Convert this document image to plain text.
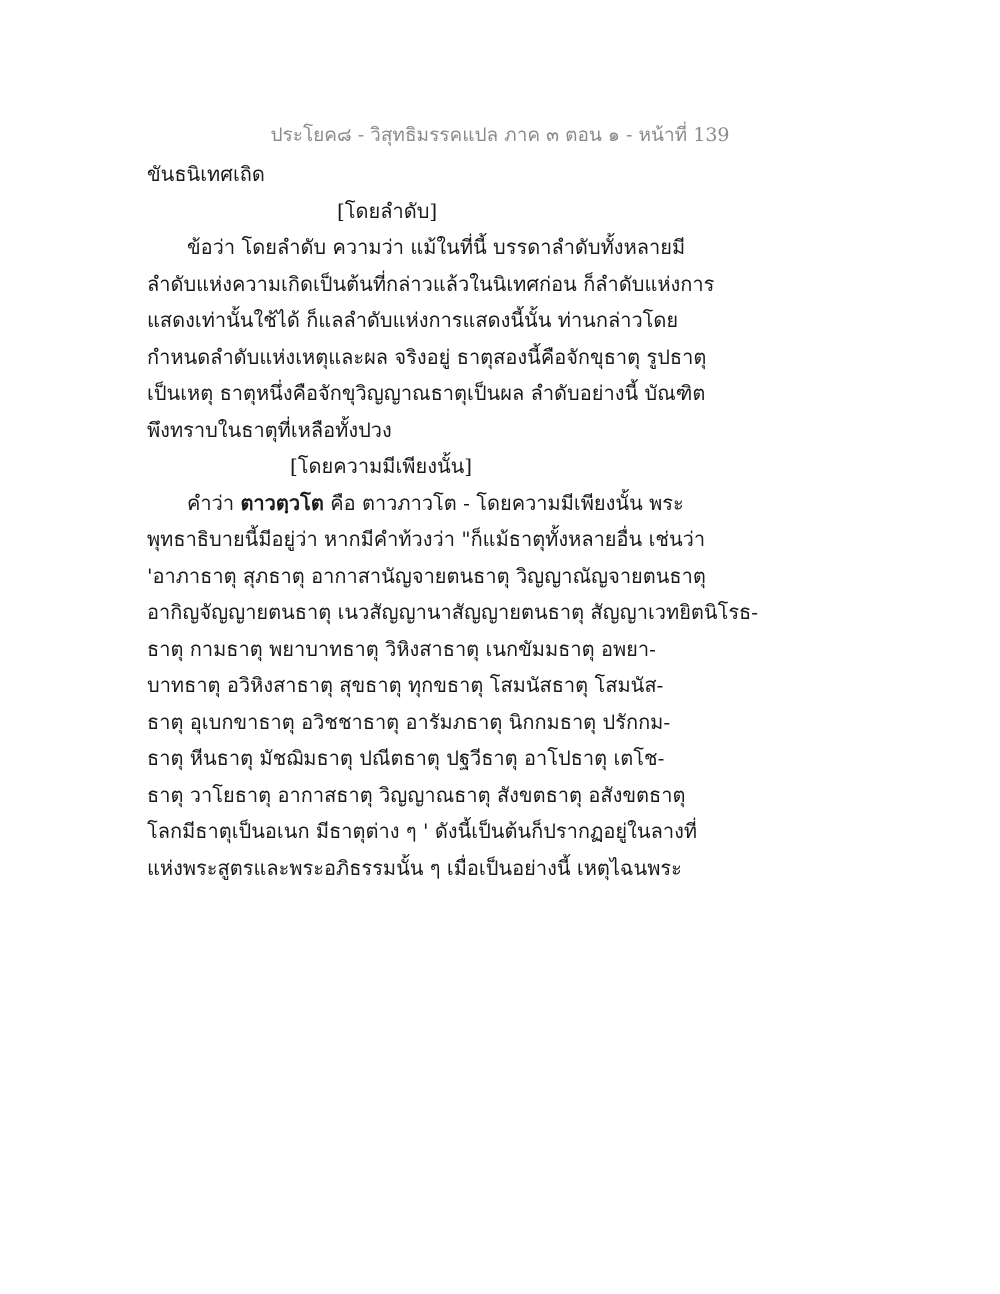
ประโยค๘ - วิสุทธิมรรคแปล ภาค ๓ ตอน ๑ - หน้าที่ 139
ขันธนิเทศเถิด
[โดยลำดับ]
ข้อว่า โดยลำดับ ความว่า แม้ในที่นี้ บรรดาลำดับทั้งหลายมี
ลำดับแห่งความเกิดเป็นต้นที่กล่าวแล้วในนิเทศก่อน ก็ลำดับแห่งการ
แสดงเท่านั้นใช้ได้ ก็แลลำดับแห่งการแสดงนี้นั้น ท่านกล่าวโดย
กำหนดลำดับแห่งเหตุและผล จริงอยู่ ธาตุสองนี้คือจักขุธาตุ รูปธาตุ
เป็นเหตุ ธาตุหนึ่งคือจักขุวิญญาณธาตุเป็นผล ลำดับอย่างนี้ บัณฑิต
พึงทราบในธาตุที่เหลือทั้งปวง
[โดยความมีเพียงนั้น]
คำว่า ตาวตฺวโต คือ ตาวภาวโต - โดยความมีเพียงนั้น พระ
พุทธาธิบายนี้มีอยู่ว่า หากมีคำท้วงว่า "ก็แม้ธาตุทั้งหลายอื่น เช่นว่า
'อาภาธาตุ สุภธาตุ อากาสานัญจายตนธาตุ วิญญาณัญจายตนธาตุ
อากิญจัญญายตนธาตุ เนวสัญญานาสัญญายตนธาตุ สัญญาเวทยิตนิโรธ-
ธาตุ กามธาตุ พยาบาทธาตุ วิหิงสาธาตุ เนกขัมมธาตุ อพยา-
บาทธาตุ อวิหิงสาธาตุ สุขธาตุ ทุกขธาตุ โสมนัสธาตุ โสมนัส-
ธาตุ อุเบกขาธาตุ อวิชชาธาตุ อารัมภธาตุ นิกกมธาตุ ปรักกม-
ธาตุ หีนธาตุ มัชฌิมธาตุ ปณีตธาตุ ปฐวีธาตุ อาโปธาตุ เตโช-
ธาตุ วาโยธาตุ อากาสธาตุ วิญญาณธาตุ สังขตธาตุ อสังขตธาตุ
โลกมีธาตุเป็นอเนก มีธาตุต่าง ๆ ' ดังนี้เป็นต้นก็ปรากฏอยู่ในลางที่
แห่งพระสูตรและพระอภิธรรมนั้น ๆ เมื่อเป็นอย่างนี้ เหตุไฉนพระ
